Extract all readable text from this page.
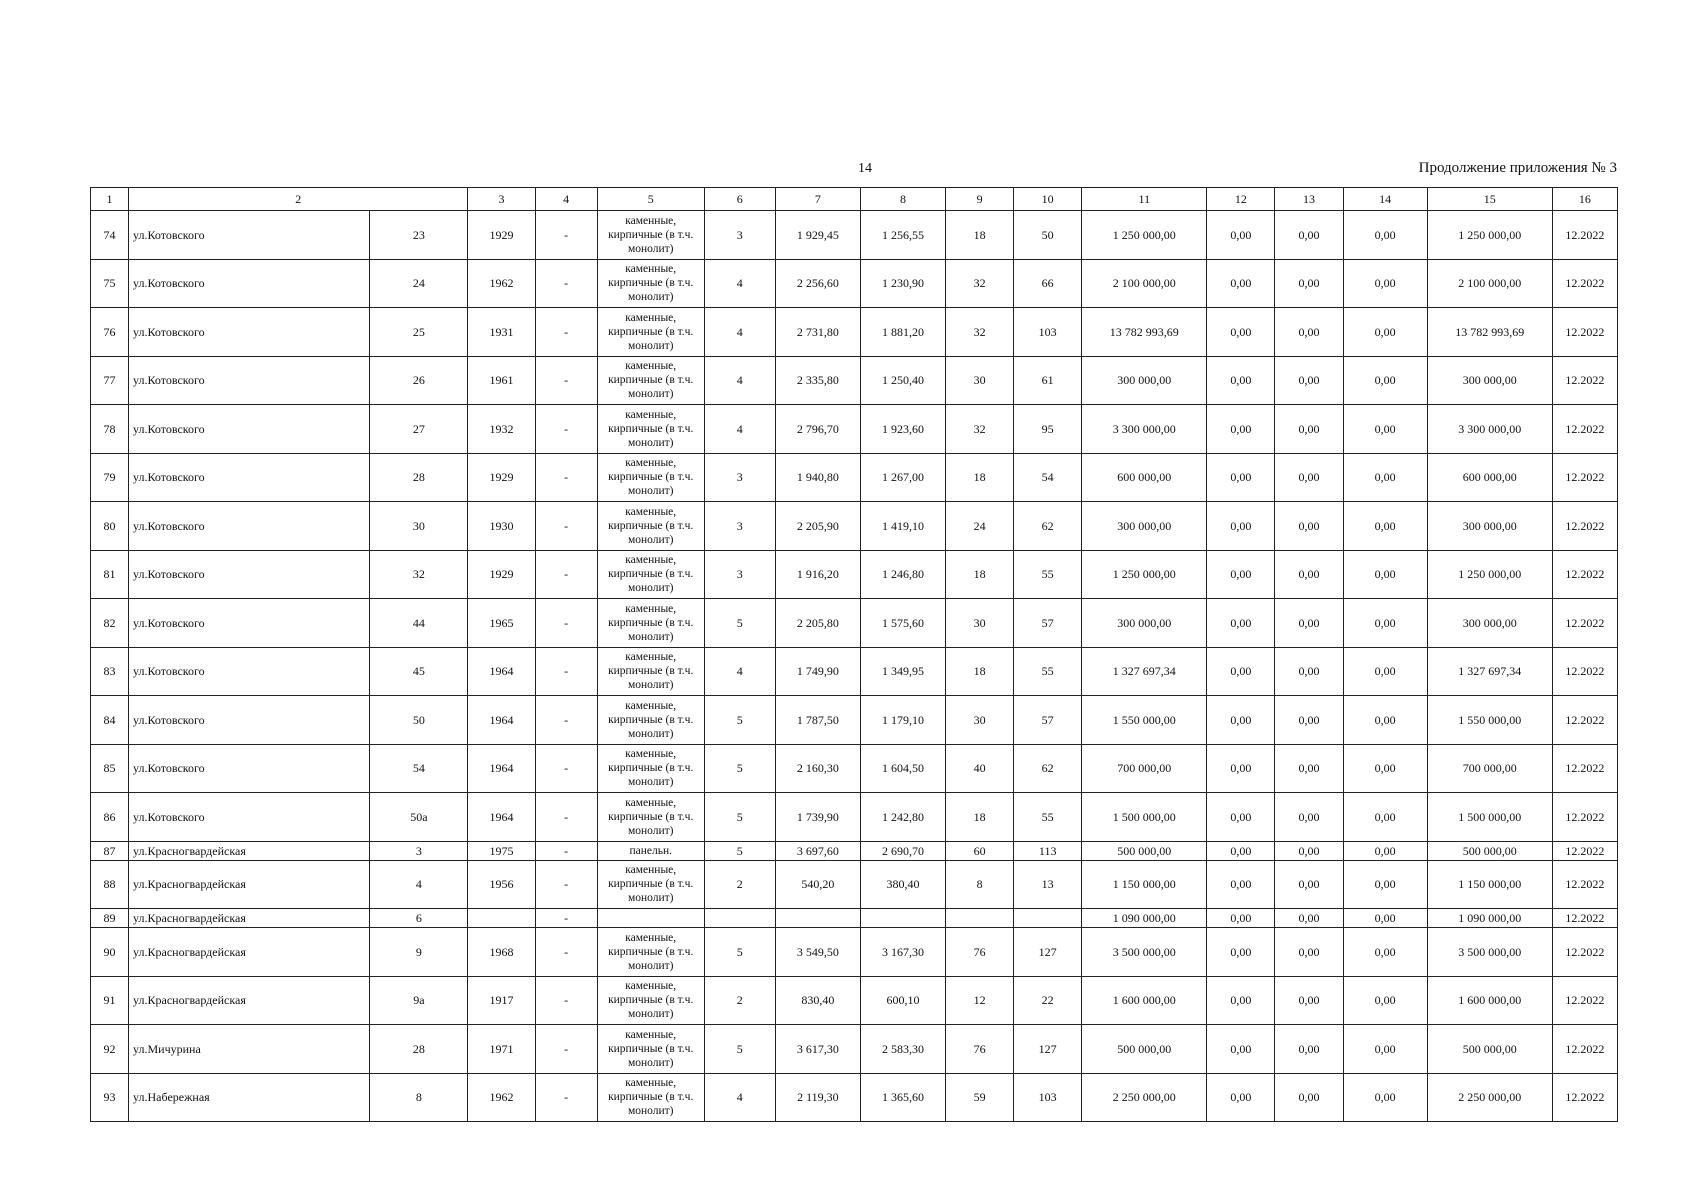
14	Продолжение приложения № 3
1	2		3	4	5	6	7	8	9	10	11	12	13	14	15	16
74	ул.Котовского	23	1929	-	каменные, кирпичные (в т.ч. монолит)	3	1 929,45	1 256,55	18	50	1 250 000,00	0,00	0,00	0,00	1 250 000,00	12.2022
75	ул.Котовского	24	1962	-	каменные, кирпичные (в т.ч. монолит)	4	2 256,60	1 230,90	32	66	2 100 000,00	0,00	0,00	0,00	2 100 000,00	12.2022
76	ул.Котовского	25	1931	-	каменные, кирпичные (в т.ч. монолит)	4	2 731,80	1 881,20	32	103	13 782 993,69	0,00	0,00	0,00	13 782 993,69	12.2022
77	ул.Котовского	26	1961	-	каменные, кирпичные (в т.ч. монолит)	4	2 335,80	1 250,40	30	61	300 000,00	0,00	0,00	0,00	300 000,00	12.2022
78	ул.Котовского	27	1932	-	каменные, кирпичные (в т.ч. монолит)	4	2 796,70	1 923,60	32	95	3 300 000,00	0,00	0,00	0,00	3 300 000,00	12.2022
79	ул.Котовского	28	1929	-	каменные, кирпичные (в т.ч. монолит)	3	1 940,80	1 267,00	18	54	600 000,00	0,00	0,00	0,00	600 000,00	12.2022
80	ул.Котовского	30	1930	-	каменные, кирпичные (в т.ч. монолит)	3	2 205,90	1 419,10	24	62	300 000,00	0,00	0,00	0,00	300 000,00	12.2022
81	ул.Котовского	32	1929	-	каменные, кирпичные (в т.ч. монолит)	3	1 916,20	1 246,80	18	55	1 250 000,00	0,00	0,00	0,00	1 250 000,00	12.2022
82	ул.Котовского	44	1965	-	каменные, кирпичные (в т.ч. монолит)	5	2 205,80	1 575,60	30	57	300 000,00	0,00	0,00	0,00	300 000,00	12.2022
83	ул.Котовского	45	1964	-	каменные, кирпичные (в т.ч. монолит)	4	1 749,90	1 349,95	18	55	1 327 697,34	0,00	0,00	0,00	1 327 697,34	12.2022
84	ул.Котовского	50	1964	-	каменные, кирпичные (в т.ч. монолит)	5	1 787,50	1 179,10	30	57	1 550 000,00	0,00	0,00	0,00	1 550 000,00	12.2022
85	ул.Котовского	54	1964	-	каменные, кирпичные (в т.ч. монолит)	5	2 160,30	1 604,50	40	62	700 000,00	0,00	0,00	0,00	700 000,00	12.2022
86	ул.Котовского	50а	1964	-	каменные, кирпичные (в т.ч. монолит)	5	1 739,90	1 242,80	18	55	1 500 000,00	0,00	0,00	0,00	1 500 000,00	12.2022
87	ул.Красногвардейская	3	1975	-	панельн.	5	3 697,60	2 690,70	60	113	500 000,00	0,00	0,00	0,00	500 000,00	12.2022
88	ул.Красногвардейская	4	1956	-	каменные, кирпичные (в т.ч. монолит)	2	540,20	380,40	8	13	1 150 000,00	0,00	0,00	0,00	1 150 000,00	12.2022
89	ул.Красногвардейская	6		-							1 090 000,00	0,00	0,00	0,00	1 090 000,00	12.2022
90	ул.Красногвардейская	9	1968	-	каменные, кирпичные (в т.ч. монолит)	5	3 549,50	3 167,30	76	127	3 500 000,00	0,00	0,00	0,00	3 500 000,00	12.2022
91	ул.Красногвардейская	9а	1917	-	каменные, кирпичные (в т.ч. монолит)	2	830,40	600,10	12	22	1 600 000,00	0,00	0,00	0,00	1 600 000,00	12.2022
92	ул.Мичурина	28	1971	-	каменные, кирпичные (в т.ч. монолит)	5	3 617,30	2 583,30	76	127	500 000,00	0,00	0,00	0,00	500 000,00	12.2022
93	ул.Набережная	8	1962	-	каменные, кирпичные (в т.ч. монолит)	4	2 119,30	1 365,60	59	103	2 250 000,00	0,00	0,00	0,00	2 250 000,00	12.2022
